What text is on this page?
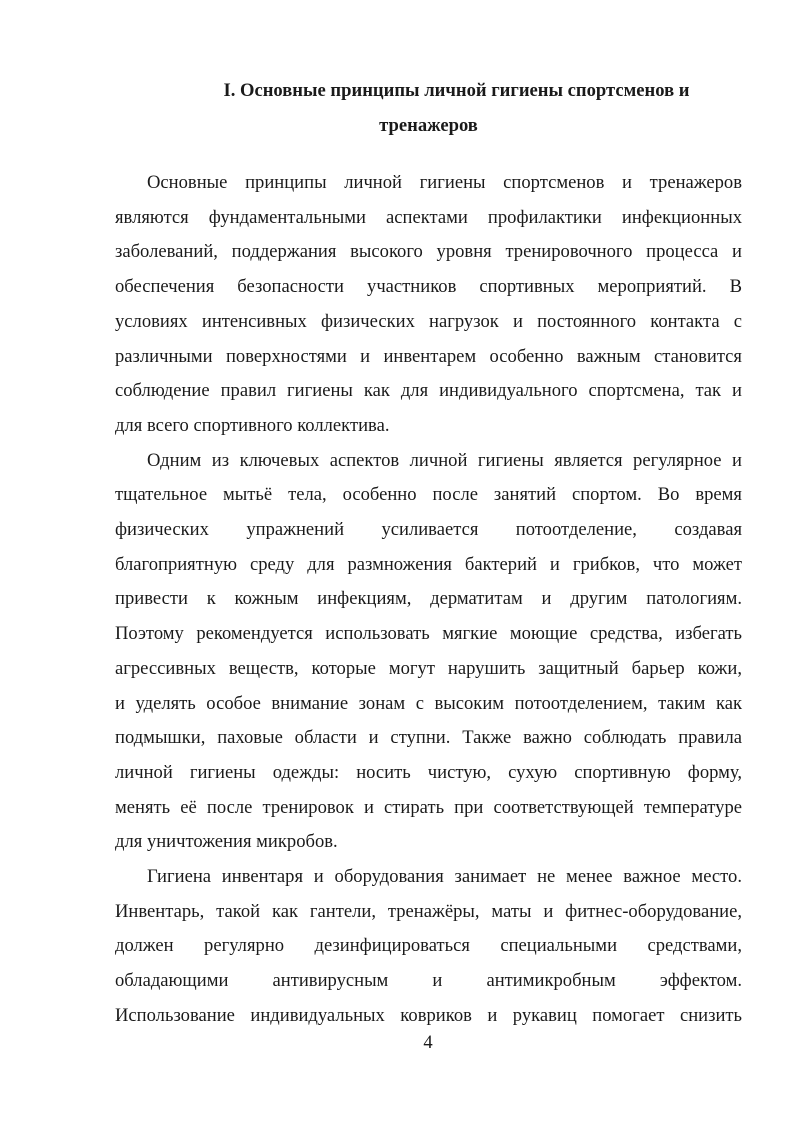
I. Основные принципы личной гигиены спортсменов и
тренажеров

Основные принципы личной гигиены спортсменов и тренажеров
являются фундаментальными аспектами профилактики инфекционных
заболеваний, поддержания высокого уровня тренировочного процесса и
обеспечения безопасности участников спортивных мероприятий. В
условиях интенсивных физических нагрузок и постоянного контакта с
различными поверхностями и инвентарем особенно важным становится
соблюдение правил гигиены как для индивидуального спортсмена, так и
для всего спортивного коллектива.

Одним из ключевых аспектов личной гигиены является регулярное и
тщательное мытьё тела, особенно после занятий спортом. Во время
физических упражнений усиливается потоотделение, создавая
благоприятную среду для размножения бактерий и грибков, что может
привести к кожным инфекциям, дерматитам и другим патологиям.
Поэтому рекомендуется использовать мягкие моющие средства, избегать
агрессивных веществ, которые могут нарушить защитный барьер кожи,
и уделять особое внимание зонам с высоким потоотделением, таким как
подмышки, паховые области и ступни. Также важно соблюдать правила
личной гигиены одежды: носить чистую, сухую спортивную форму,
менять её после тренировок и стирать при соответствующей температуре
для уничтожения микробов.

Гигиена инвентаря и оборудования занимает не менее важное место.
Инвентарь, такой как гантели, тренажёры, маты и фитнес-оборудование,
должен регулярно дезинфицироваться специальными средствами,
обладающими антивирусным и антимикробным эффектом.
Использование индивидуальных ковриков и рукавиц помогает снизить

4
